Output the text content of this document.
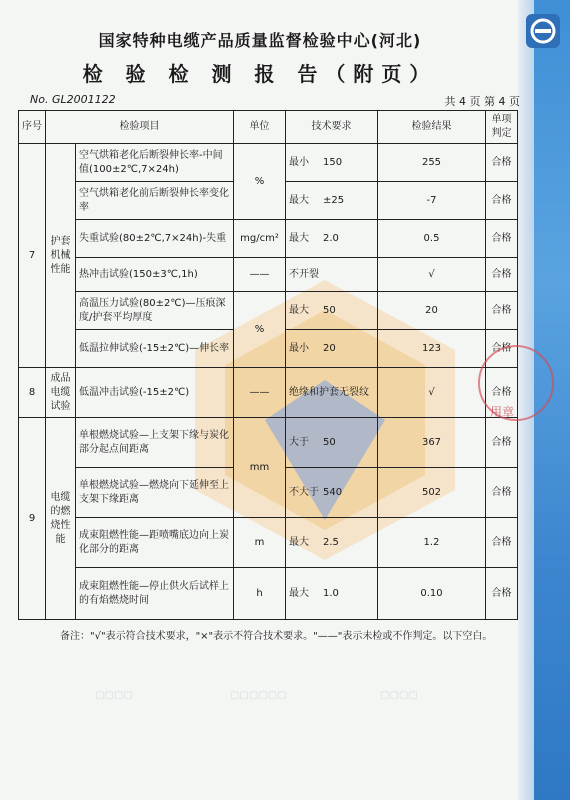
▢▢▢▢	▢▢▢▢▢▢	▢▢▢▢
国家特种电缆产品质量监督检验中心(河北)
检 验 检 测 报 告（附页）
No. GL2001122	共 4 页 第 4 页
序号	检验项目		单位	技术要求	检验结果	单项判定
7	护套机械性能	空气烘箱老化后断裂伸长率-中间值(100±2℃,7×24h)	%	最小 150	255	合格
		空气烘箱老化前后断裂伸长率变化率		最大 ±25	-7	合格
		失重试验(80±2℃,7×24h)-失重	mg/cm²	最大 2.0	0.5	合格
		热冲击试验(150±3℃,1h)	——	不开裂	√	合格
		高温压力试验(80±2℃)—压痕深度/护套平均厚度	%	最大 50	20	合格
		低温拉伸试验(-15±2℃)—伸长率		最小 20	123	合格
8	成品电缆试验	低温冲击试验(-15±2℃)	——	绝缘和护套无裂纹	√	合格
9	电缆的燃烧性能	单根燃烧试验—上支架下缘与炭化部分起点间距离	mm	大于 50	367	合格
		单根燃烧试验—燃烧向下延伸至上支架下缘距离		不大于 540	502	合格
		成束阻燃性能—距喷嘴底边向上炭化部分的距离	m	最大 2.5	1.2	合格
		成束阻燃性能—停止供火后试样上的有焰燃烧时间	h	最大 1.0	0.10	合格
用章
备注："√"表示符合技术要求，"×"表示不符合技术要求。"——"表示未检或不作判定。以下空白。
